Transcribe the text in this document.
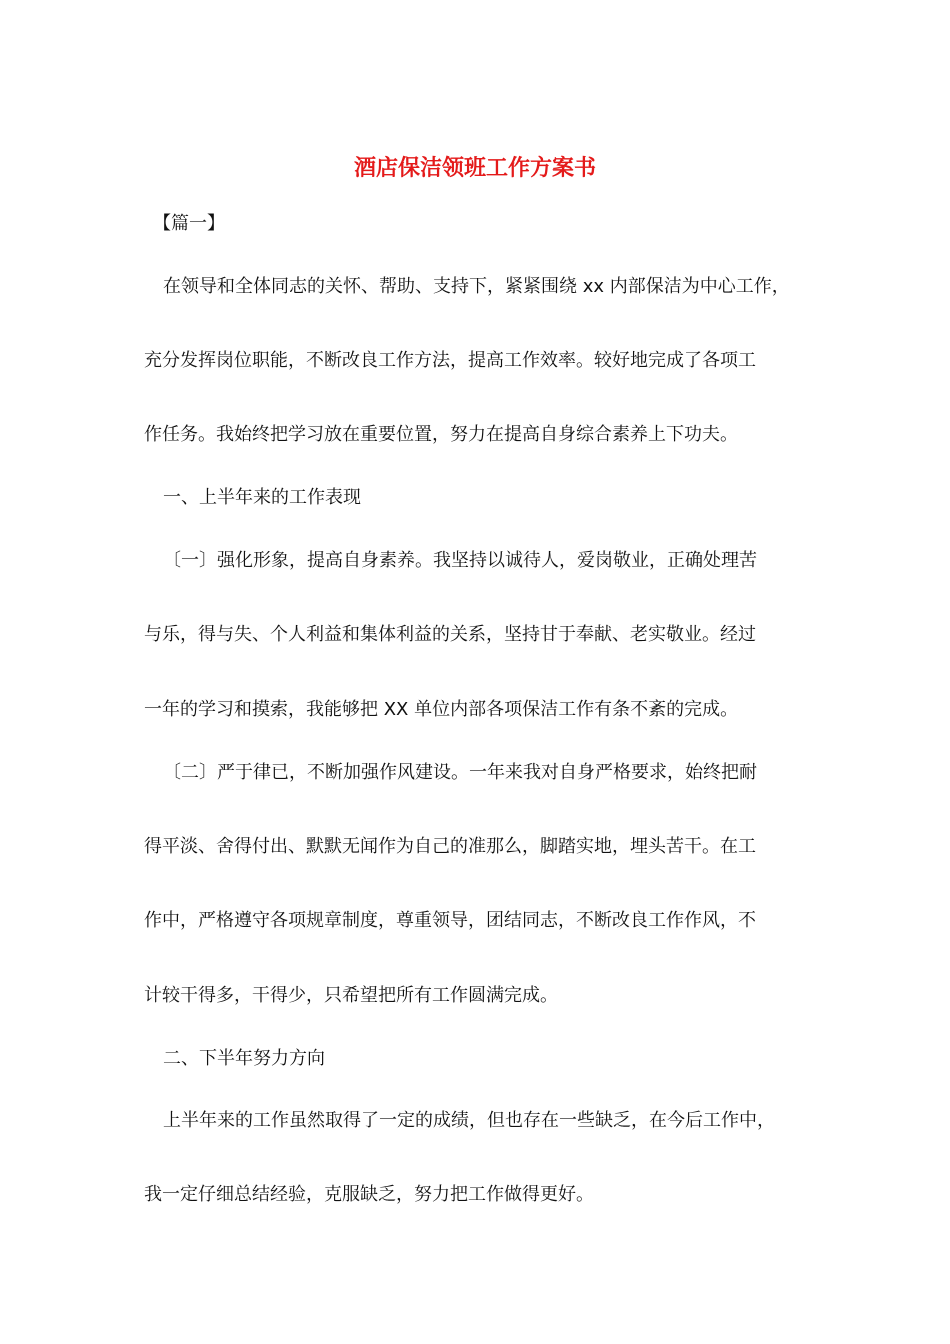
酒店保洁领班工作方案书
【篇一】
在领导和全体同志的关怀、帮助、支持下，紧紧围绕 xx 内部保洁为中心工作，
充分发挥岗位职能，不断改良工作方法，提高工作效率。较好地完成了各项工
作任务。我始终把学习放在重要位置，努力在提高自身综合素养上下功夫。
一、上半年来的工作表现
〔一〕强化形象，提高自身素养。我坚持以诚待人，爱岗敬业，正确处理苦
与乐，得与失、个人利益和集体利益的关系，坚持甘于奉献、老实敬业。经过
一年的学习和摸索，我能够把 XX 单位内部各项保洁工作有条不紊的完成。
〔二〕严于律已，不断加强作风建设。一年来我对自身严格要求，始终把耐
得平淡、舍得付出、默默无闻作为自己的准那么，脚踏实地，埋头苦干。在工
作中，严格遵守各项规章制度，尊重领导，团结同志，不断改良工作作风，不
计较干得多，干得少，只希望把所有工作圆满完成。
二、下半年努力方向
上半年来的工作虽然取得了一定的成绩，但也存在一些缺乏，在今后工作中，
我一定仔细总结经验，克服缺乏，努力把工作做得更好。
